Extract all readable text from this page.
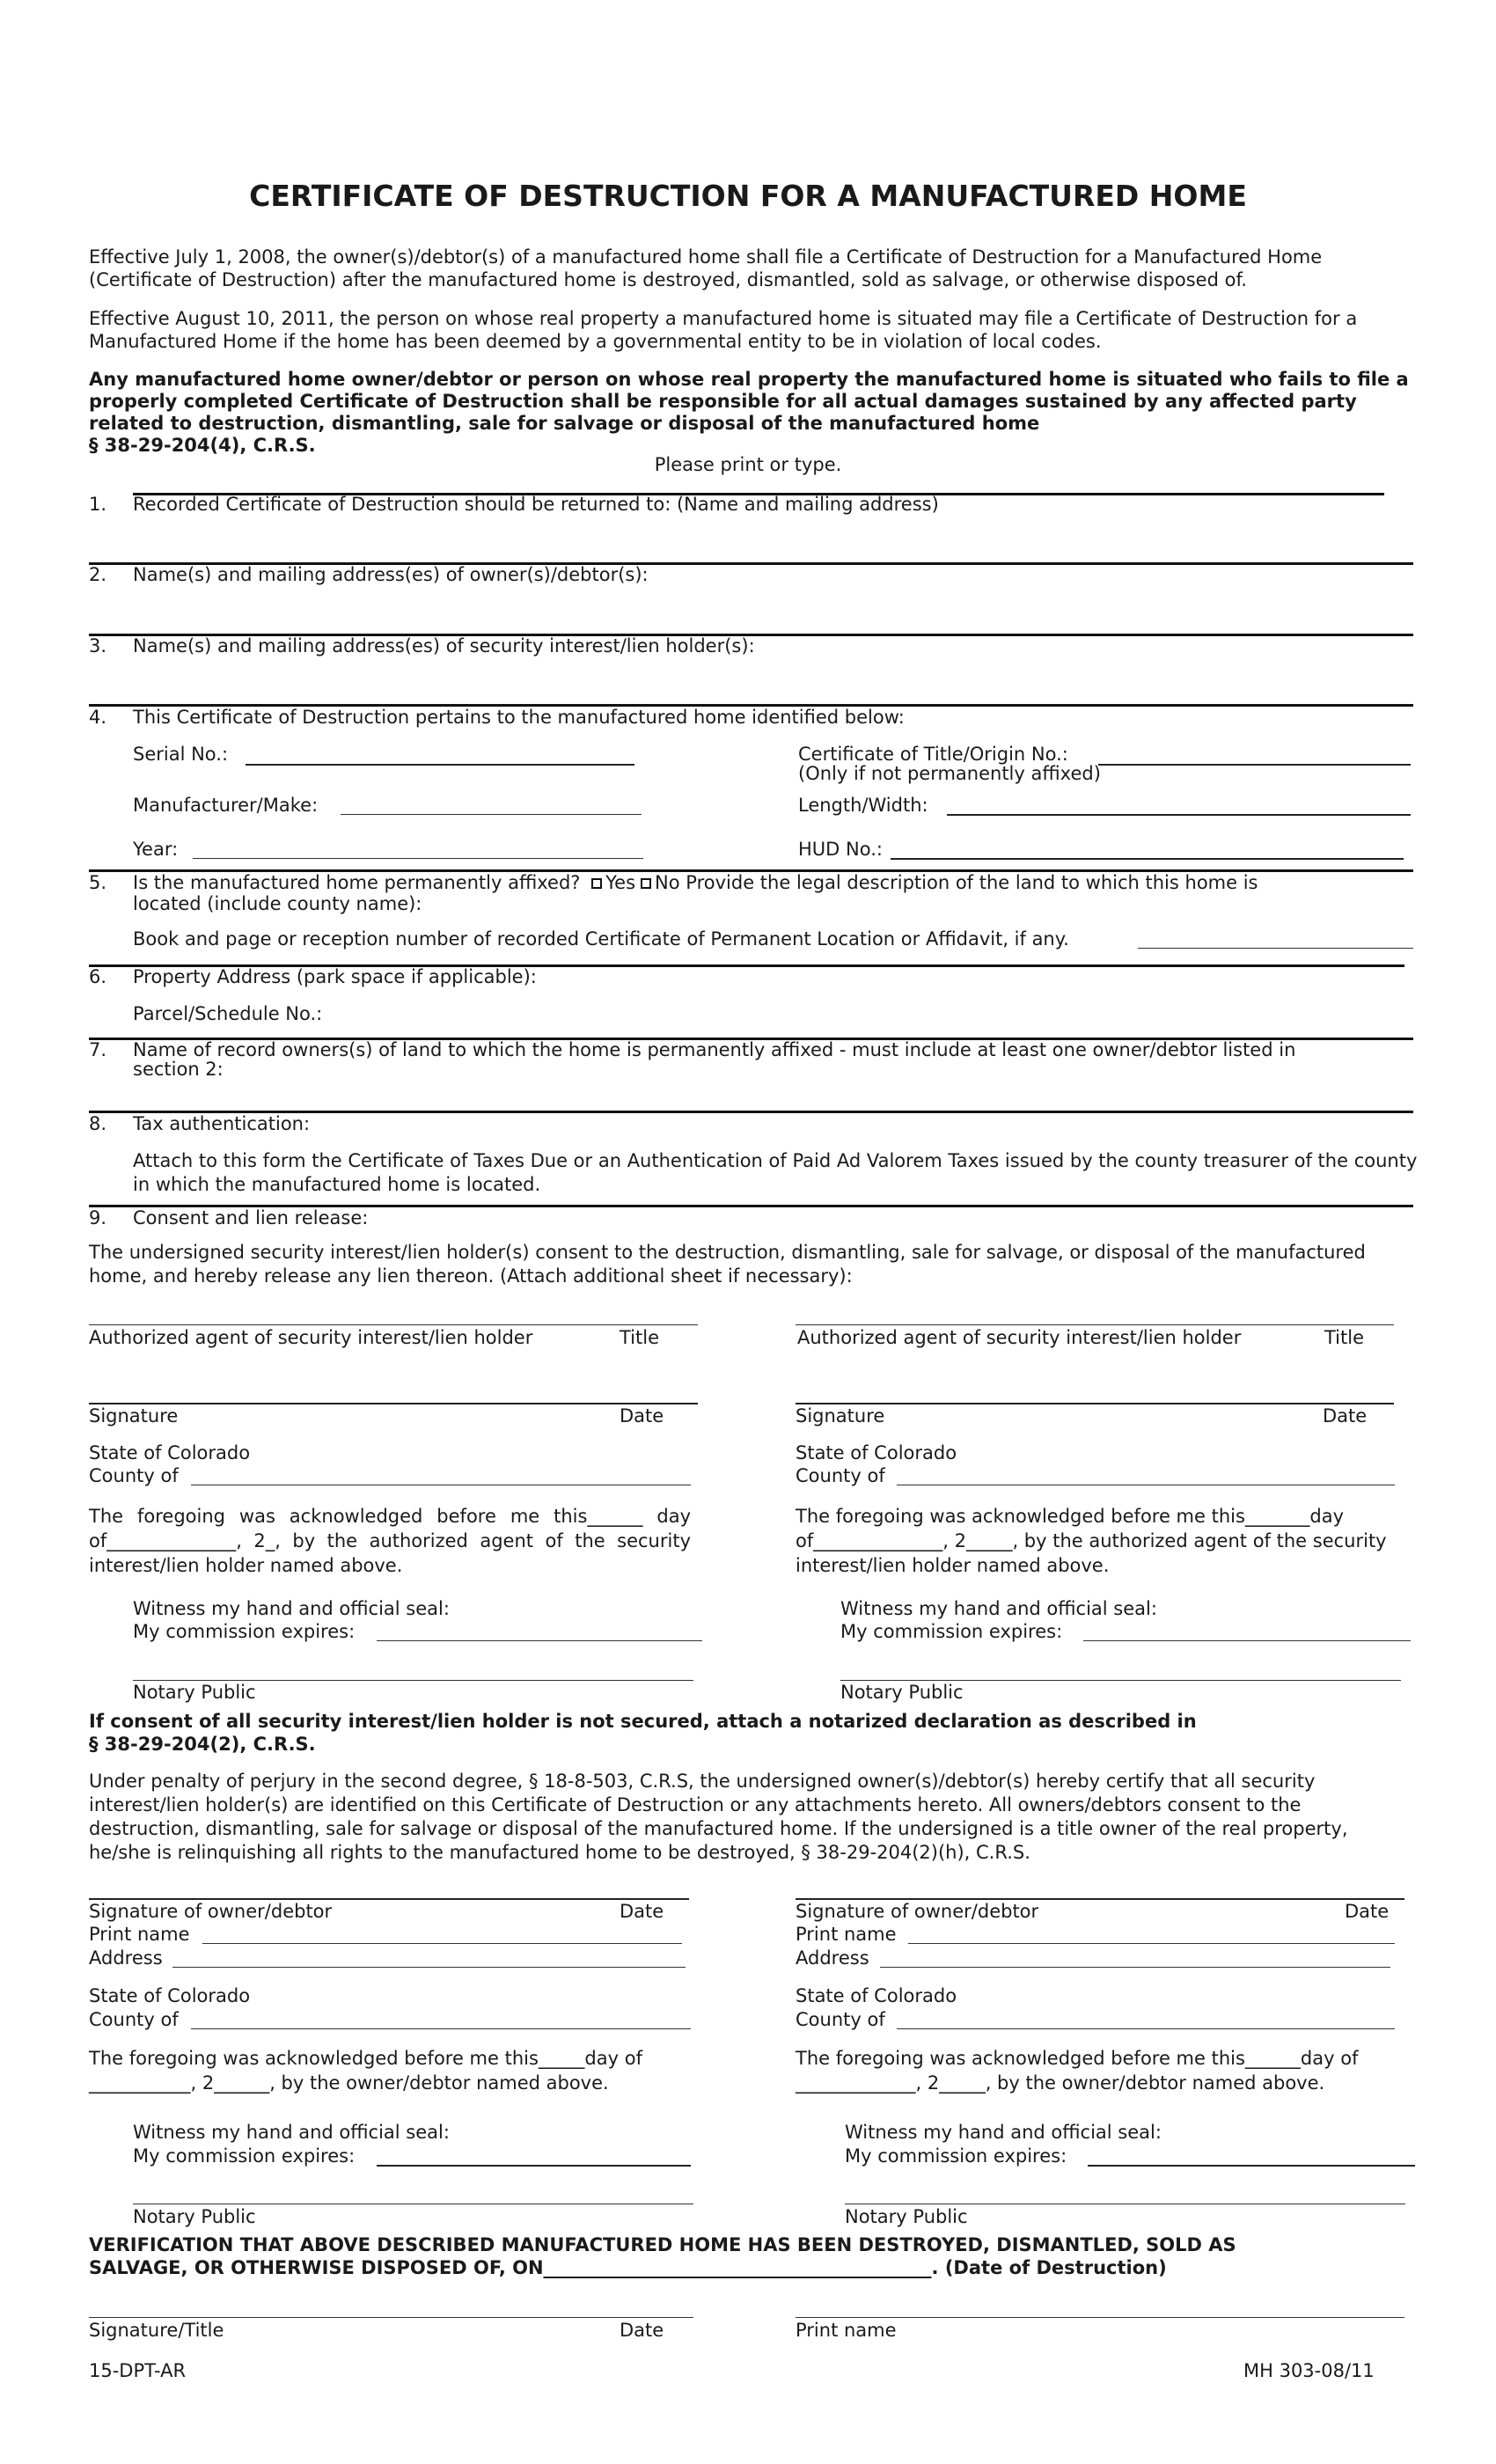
CERTIFICATE OF DESTRUCTION FOR A MANUFACTURED HOME
Effective July 1, 2008, the owner(s)/debtor(s) of a manufactured home shall file a Certificate of Destruction for a Manufactured Home (Certificate of Destruction) after the manufactured home is destroyed, dismantled, sold as salvage, or otherwise disposed of.
Effective August 10, 2011, the person on whose real property a manufactured home is situated may file a Certificate of Destruction for a Manufactured Home if the home has been deemed by a governmental entity to be in violation of local codes.
Any manufactured home owner/debtor or person on whose real property the manufactured home is situated who fails to file a properly completed Certificate of Destruction shall be responsible for all actual damages sustained by any affected party related to destruction, dismantling, sale for salvage or disposal of the manufactured home
§ 38-29-204(4), C.R.S.
Please print or type.
1. Recorded Certificate of Destruction should be returned to: (Name and mailing address)
2. Name(s) and mailing address(es) of owner(s)/debtor(s):
3. Name(s) and mailing address(es) of security interest/lien holder(s):
4. This Certificate of Destruction pertains to the manufactured home identified below:
Serial No.:	Certificate of Title/Origin No.:
(Only if not permanently affixed)
Manufacturer/Make:	Length/Width:
Year:	HUD No.:
5. Is the manufactured home permanently affixed? Yes No Provide the legal description of the land to which this home is
located (include county name):
Book and page or reception number of recorded Certificate of Permanent Location or Affidavit, if any.
6. Property Address (park space if applicable):
Parcel/Schedule No.:
7. Name of record owners(s) of land to which the home is permanently affixed - must include at least one owner/debtor listed in
section 2:
8. Tax authentication:
Attach to this form the Certificate of Taxes Due or an Authentication of Paid Ad Valorem Taxes issued by the county treasurer of the county in which the manufactured home is located.
9. Consent and lien release:
The undersigned security interest/lien holder(s) consent to the destruction, dismantling, sale for salvage, or disposal of the manufactured home, and hereby release any lien thereon. (Attach additional sheet if necessary):
Authorized agent of security interest/lien holder	Title
Signature	Date
State of Colorado
County of
The foregoing was acknowledged before me this______ day of______________, 2_, by the authorized agent of the security interest/lien holder named above.
Witness my hand and official seal:
My commission expires:
Notary Public
Authorized agent of security interest/lien holder	Title
Signature	Date
State of Colorado
County of
The foregoing was acknowledged before me this_______day of______________, 2_____, by the authorized agent of the security interest/lien holder named above.
Witness my hand and official seal:
My commission expires:
Notary Public
If consent of all security interest/lien holder is not secured, attach a notarized declaration as described in
§ 38-29-204(2), C.R.S.
Under penalty of perjury in the second degree, § 18-8-503, C.R.S, the undersigned owner(s)/debtor(s) hereby certify that all security interest/lien holder(s) are identified on this Certificate of Destruction or any attachments hereto. All owners/debtors consent to the destruction, dismantling, sale for salvage or disposal of the manufactured home. If the undersigned is a title owner of the real property, he/she is relinquishing all rights to the manufactured home to be destroyed, § 38-29-204(2)(h), C.R.S.
Signature of owner/debtor	Date
Print name
Address
State of Colorado
County of
The foregoing was acknowledged before me this_____day of
___________, 2______, by the owner/debtor named above.
Witness my hand and official seal:
My commission expires:
Notary Public
Signature of owner/debtor	Date
Print name
Address
State of Colorado
County of
The foregoing was acknowledged before me this______day of
_____________, 2_____, by the owner/debtor named above.
Witness my hand and official seal:
My commission expires:
Notary Public
VERIFICATION THAT ABOVE DESCRIBED MANUFACTURED HOME HAS BEEN DESTROYED, DISMANTLED, SOLD AS
SALVAGE, OR OTHERWISE DISPOSED OF, ON__________________________________________. (Date of Destruction)
Signature/Title	Date	Print name
15-DPT-AR	MH 303-08/11
